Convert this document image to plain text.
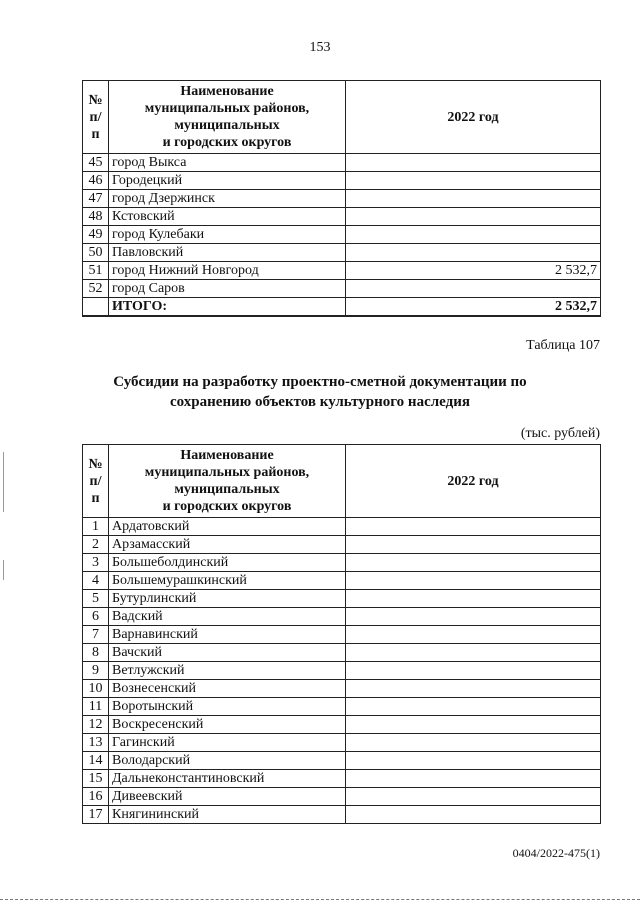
153
№
п/п	Наименование
муниципальных районов,
муниципальных
и городских округов	2022 год
45	город Выкса	
46	Городецкий	
47	город Дзержинск	
48	Кстовский	
49	город Кулебаки	
50	Павловский	
51	город Нижний Новгород	2 532,7
52	город Саров	
	ИТОГО:	2 532,7
Таблица 107
Субсидии на разработку проектно-сметной документации по
сохранению объектов культурного наследия
(тыс. рублей)
№
п/п	Наименование
муниципальных районов,
муниципальных
и городских округов	2022 год
1	Ардатовский	
2	Арзамасский	
3	Большеболдинский	
4	Большемурашкинский	
5	Бутурлинский	
6	Вадский	
7	Варнавинский	
8	Вачский	
9	Ветлужский	
10	Вознесенский	
11	Воротынский	
12	Воскресенский	
13	Гагинский	
14	Володарский	
15	Дальнеконстантиновский	
16	Дивеевский	
17	Княгининский	
0404/2022-475(1)
